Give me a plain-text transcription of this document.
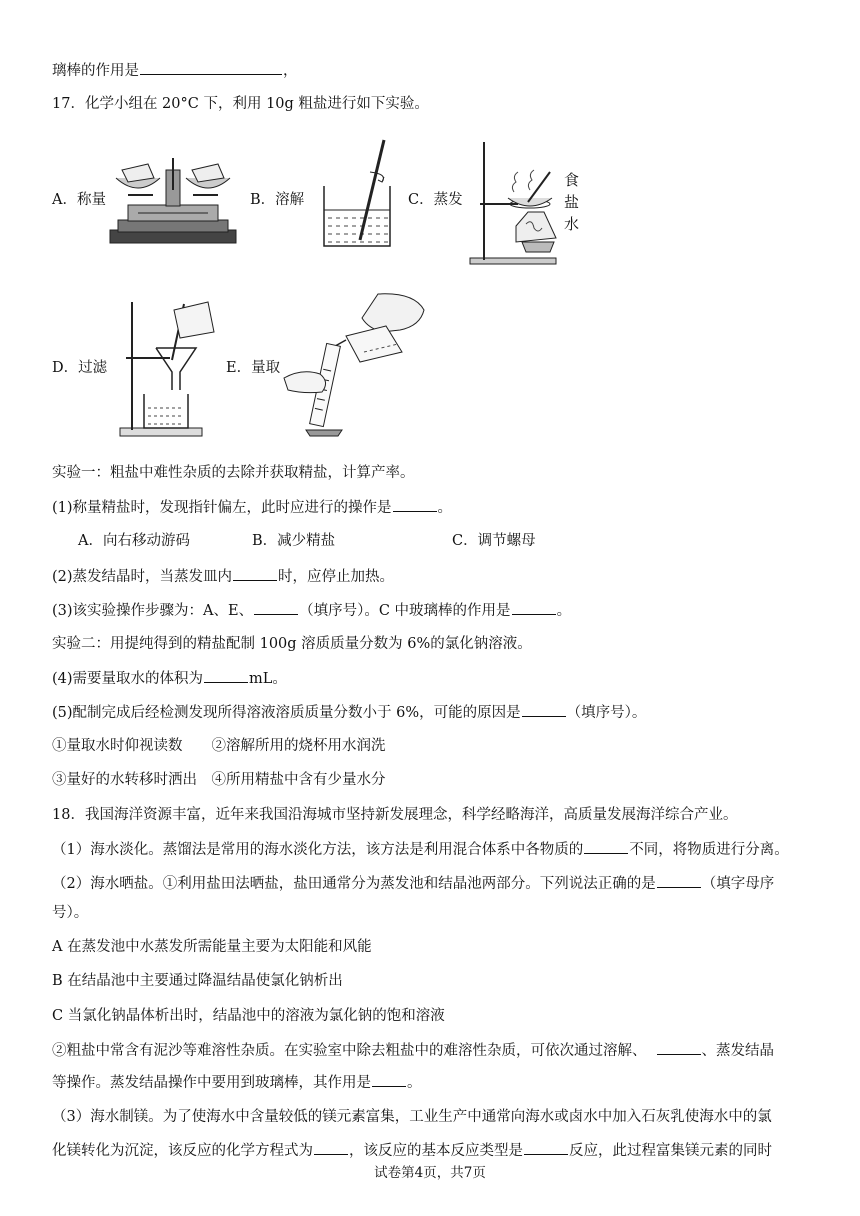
璃棒的作用是	，
17．化学小组在 20°C 下，利用 10g 粗盐进行如下实验。
A．称量	B．溶解	C．蒸发
食
盐
水
D．过滤	E．量取
实验一：粗盐中难性杂质的去除并获取精盐，计算产率。
(1)称量精盐时，发现指针偏左，此时应进行的操作是	。
A．向右移动游码	B．减少精盐	C．调节螺母
(2)蒸发结晶时，当蒸发皿内	时，应停止加热。
(3)该实验操作步骤为：A、E、	（填序号）。C 中玻璃棒的作用是	。
实验二：用提纯得到的精盐配制 100g 溶质质量分数为 6%的氯化钠溶液。
(4)需要量取水的体积为	mL。
(5)配制完成后经检测发现所得溶液溶质质量分数小于 6%，可能的原因是	（填序号）。
①量取水时仰视读数　　②溶解所用的烧杯用水润洗
③量好的水转移时洒出　④所用精盐中含有少量水分
18．我国海洋资源丰富，近年来我国沿海城市坚持新发展理念，科学经略海洋，高质量发展海洋综合产业。
（1）海水淡化。蒸馏法是常用的海水淡化方法，该方法是利用混合体系中各物质的	不同，将物质进行分离。
（2）海水晒盐。①利用盐田法晒盐，盐田通常分为蒸发池和结晶池两部分。下列说法正确的是	（填字母序
号）。
A 在蒸发池中水蒸发所需能量主要为太阳能和风能
B 在结晶池中主要通过降温结晶使氯化钠析出
C 当氯化钠晶体析出时，结晶池中的溶液为氯化钠的饱和溶液
②粗盐中常含有泥沙等难溶性杂质。在实验室中除去粗盐中的难溶性杂质，可依次通过溶解、	、蒸发结晶
等操作。蒸发结晶操作中要用到玻璃棒，其作用是 。
（3）海水制镁。为了使海水中含量较低的镁元素富集，工业生产中通常向海水或卤水中加入石灰乳使海水中的氯
化镁转化为沉淀，该反应的化学方程式为 ，该反应的基本反应类型是	反应，此过程富集镁元素的同时
试卷第4页，共7页
